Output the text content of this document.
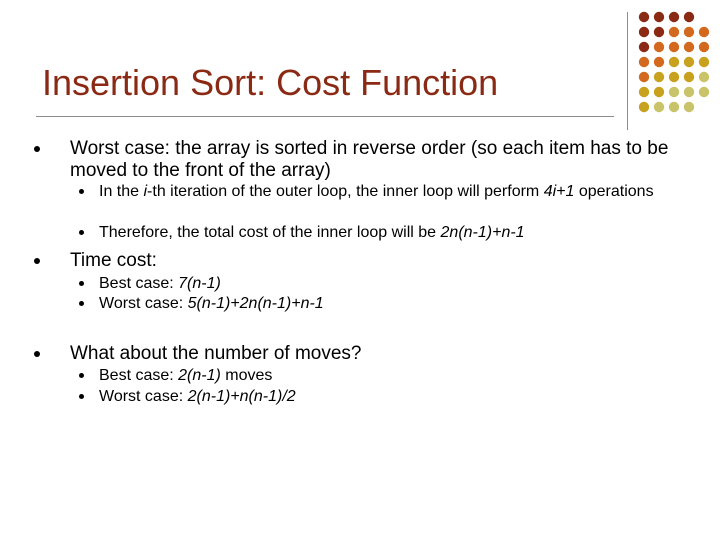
Insertion Sort: Cost Function
Worst case: the array is sorted in reverse order (so each item has to be moved to the front of the array)
In the i-th iteration of the outer loop, the inner loop will perform 4i+1 operations
Therefore, the total cost of the inner loop will be 2n(n-1)+n-1
Time cost:
Best case: 7(n-1)
Worst case: 5(n-1)+2n(n-1)+n-1
What about the number of moves?
Best case: 2(n-1) moves
Worst case: 2(n-1)+n(n-1)/2
